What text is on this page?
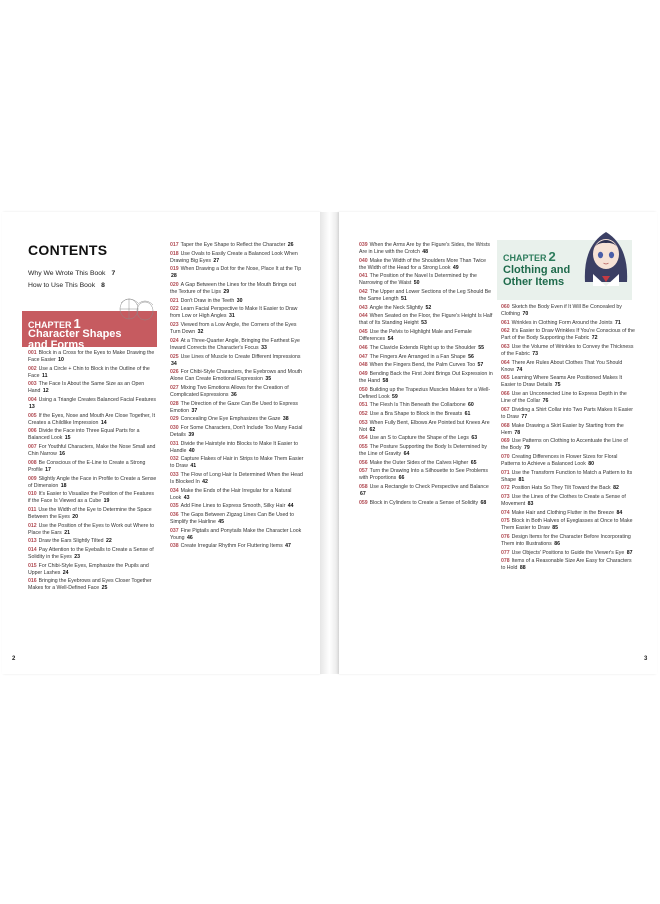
CONTENTS
Why We Wrote This Book 7
How to Use This Book 8
CHAPTER 1
Character Shapes
and Forms
001 Block in a Cross for the Eyes to Make Drawing the Face Easier 10
002 Use a Circle + Chin to Block in the Outline of the Face 11
003 The Face Is About the Same Size as an Open Hand 12
004 Using a Triangle Creates Balanced Facial Features 13
005 If the Eyes, Nose and Mouth Are Close Together, It Creates a Childlike Impression 14
006 Divide the Face into Three Equal Parts for a Balanced Look 15
007 For Youthful Characters, Make the Nose Small and Chin Narrow 16
008 Be Conscious of the E-Line to Create a Strong Profile 17
009 Slightly Angle the Face in Profile to Create a Sense of Dimension 18
010 It's Easier to Visualize the Position of the Features if the Face Is Viewed as a Cube 19
011 Use the Width of the Eye to Determine the Space Between the Eyes 20
012 Use the Position of the Eyes to Work out Where to Place the Ears 21
013 Draw the Ears Slightly Tilted 22
014 Pay Attention to the Eyeballs to Create a Sense of Solidity in the Eyes 23
015 For Chibi-Style Eyes, Emphasize the Pupils and Upper Lashes 24
016 Bringing the Eyebrows and Eyes Closer Together Makes for a Well-Defined Face 25
017 Taper the Eye Shape to Reflect the Character 26
018 Use Ovals to Easily Create a Balanced Look When Drawing Big Eyes 27
019 When Drawing a Dot for the Nose, Place It at the Tip 28
020 A Gap Between the Lines for the Mouth Brings out the Texture of the Lips 29
021 Don't Draw in the Teeth 30
022 Learn Facial Perspective to Make It Easier to Draw from Low or High Angles 31
023 Viewed from a Low Angle, the Corners of the Eyes Turn Down 32
024 At a Three-Quarter Angle, Bringing the Farthest Eye Inward Corrects the Character's Focus 33
025 Use Lines of Muscle to Create Different Impressions 34
026 For Chibi-Style Characters, the Eyebrows and Mouth Alone Can Create Emotional Expression 35
027 Mixing Two Emotions Allows for the Creation of Complicated Expressions 36
028 The Direction of the Gaze Can Be Used to Express Emotion 37
029 Concealing One Eye Emphasizes the Gaze 38
030 For Some Characters, Don't Include Too Many Facial Details 39
031 Divide the Hairstyle into Blocks to Make It Easier to Handle 40
032 Capture Flakes of Hair in Strips to Make Them Easier to Draw 41
033 The Flow of Long Hair Is Determined When the Head Is Blocked In 42
034 Make the Ends of the Hair Irregular for a Natural Look 43
035 Add Fine Lines to Express Smooth, Silky Hair 44
036 The Gaps Between Zigzag Lines Can Be Used to Simplify the Hairline 45
037 Fine Pigtails and Ponytails Make the Character Look Young 46
038 Create Irregular Rhythm For Fluttering Items 47
2
039 When the Arms Are by the Figure's Sides, the Wrists Are in Line with the Crotch 48
040 Make the Width of the Shoulders More Than Twice the Width of the Head for a Strong Look 49
041 The Position of the Navel Is Determined by the Narrowing of the Waist 50
042 The Upper and Lower Sections of the Leg Should Be the Same Length 51
043 Angle the Neck Slightly 52
044 When Seated on the Floor, the Figure's Height Is Half that of Its Standing Height 53
045 Use the Pelvis to Highlight Male and Female Differences 54
046 The Clavicle Extends Right up to the Shoulder 55
047 The Fingers Are Arranged in a Fan Shape 56
048 When the Fingers Bend, the Palm Curves Too 57
049 Bending Back the First Joint Brings Out Expression in the Hand 58
050 Building up the Trapezius Muscles Makes for a Well-Defined Look 59
051 The Flesh Is Thin Beneath the Collarbone 60
052 Use a Bra Shape to Block in the Breasts 61
053 When Fully Bent, Elbows Are Pointed but Knees Are Not 62
054 Use an S to Capture the Shape of the Legs 63
055 The Posture Supporting the Body Is Determined by the Line of Gravity 64
056 Make the Outer Sides of the Calves Higher 65
057 Turn the Drawing Into a Silhouette to See Problems with Proportions 66
058 Use a Rectangle to Check Perspective and Balance 67
059 Block in Cylinders to Create a Sense of Solidity 68
CHAPTER 2
Clothing and
Other Items
060 Sketch the Body Even if It Will Be Concealed by Clothing 70
061 Wrinkles in Clothing Form Around the Joints 71
062 It's Easier to Draw Wrinkles If You're Conscious of the Part of the Body Supporting the Fabric 72
063 Use the Volume of Wrinkles to Convey the Thickness of the Fabric 73
064 There Are Rules About Clothes That You Should Know 74
065 Learning Where Seams Are Positioned Makes It Easier to Draw Details 75
066 Use an Unconnected Line to Express Depth in the Line of the Collar 76
067 Dividing a Shirt Collar into Two Parts Makes It Easier to Draw 77
068 Make Drawing a Skirt Easier by Starting from the Hem 78
069 Use Patterns on Clothing to Accentuate the Line of the Body 79
070 Creating Differences in Flower Sizes for Floral Patterns to Achieve a Balanced Look 80
071 Use the Transform Function to Match a Pattern to Its Shape 81
072 Position Hats So They Tilt Toward the Back 82
073 Use the Lines of the Clothes to Create a Sense of Movement 83
074 Make Hair and Clothing Flutter in the Breeze 84
075 Block in Both Halves of Eyeglasses at Once to Make Them Easier to Draw 85
076 Design Items for the Character Before Incorporating Them into Illustrations 86
077 Use Objects' Positions to Guide the Viewer's Eye 87
078 Items of a Reasonable Size Are Easy for Characters to Hold 88
3
